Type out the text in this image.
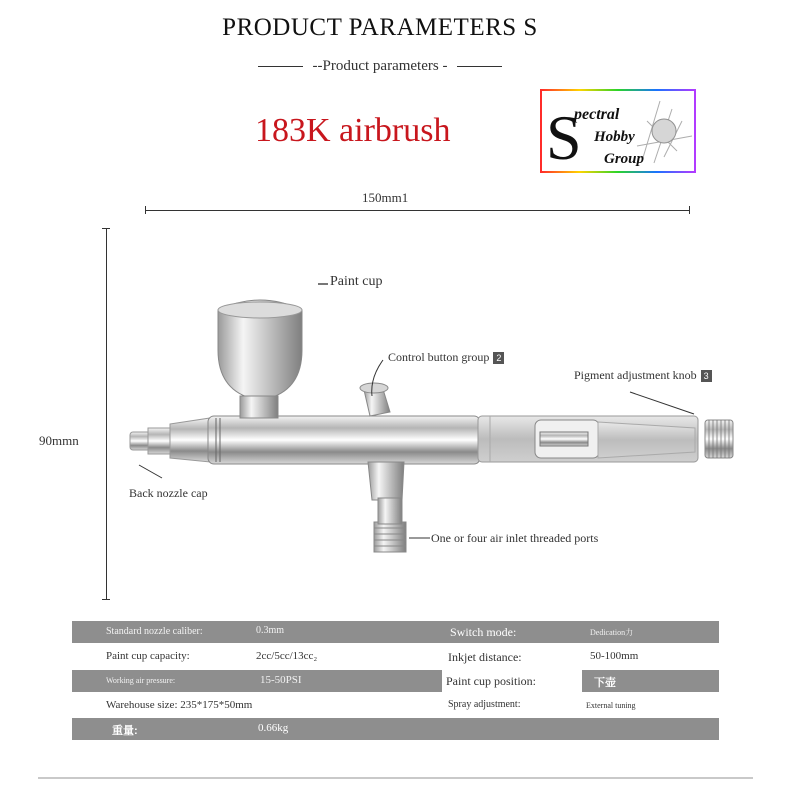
PRODUCT PARAMETERS S
--Product parameters -
183K airbrush S
pectral
Hobby
Group
150mm1
90mmn
Paint cup
Control button group 2
Pigment adjustment knob 3
Back nozzle cap
One or four air inlet threaded ports
Standard nozzle caliber:	0.3mm	Switch mode:	Dedication力
Paint cup capacity:	2cc/5cc/13cc₂	Inkjet distance:	50-100mm
Working air pressure:	15-50PSI	Paint cup position:	下壶
Warehouse size: 235*175*50mm	Spray adjustment:	External tuning
重量:	0.66kg
